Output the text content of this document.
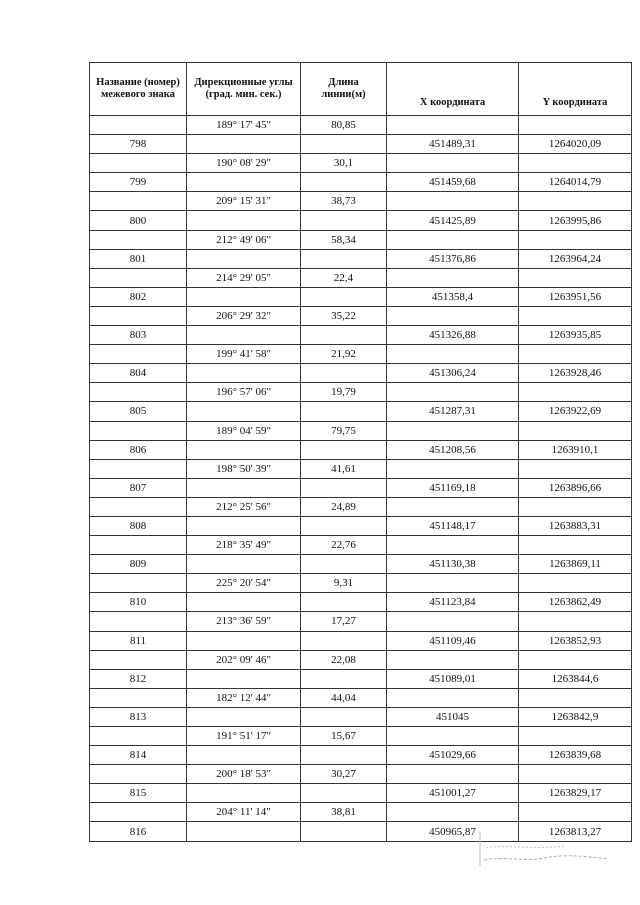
Название (номер) межевого знака	Дирекционные углы (град. мин. сек.)	Длина линии(м)	X координата	Y координата
	189° 17' 45"	80,85		
798			451489,31	1264020,09
	190° 08' 29"	30,1		
799			451459,68	1264014,79
	209° 15' 31"	38,73		
800			451425,89	1263995,86
	212° 49' 06"	58,34		
801			451376,86	1263964,24
	214° 29' 05"	22,4		
802			451358,4	1263951,56
	206° 29' 32"	35,22		
803			451326,88	1263935,85
	199° 41' 58"	21,92		
804			451306,24	1263928,46
	196° 57' 06"	19,79		
805			451287,31	1263922,69
	189° 04' 59"	79,75		
806			451208,56	1263910,1
	198° 50' 39"	41,61		
807			451169,18	1263896,66
	212° 25' 56"	24,89		
808			451148,17	1263883,31
	218° 35' 49"	22,76		
809			451130,38	1263869,11
	225° 20' 54"	9,31		
810			451123,84	1263862,49
	213° 36' 59"	17,27		
811			451109,46	1263852,93
	202° 09' 46"	22,08		
812			451089,01	1263844,6
	182° 12' 44"	44,04		
813			451045	1263842,9
	191° 51' 17"	15,67		
814			451029,66	1263839,68
	200° 18' 53"	30,27		
815			451001,27	1263829,17
	204° 11' 14"	38,81		
816			450965,87	1263813,27
